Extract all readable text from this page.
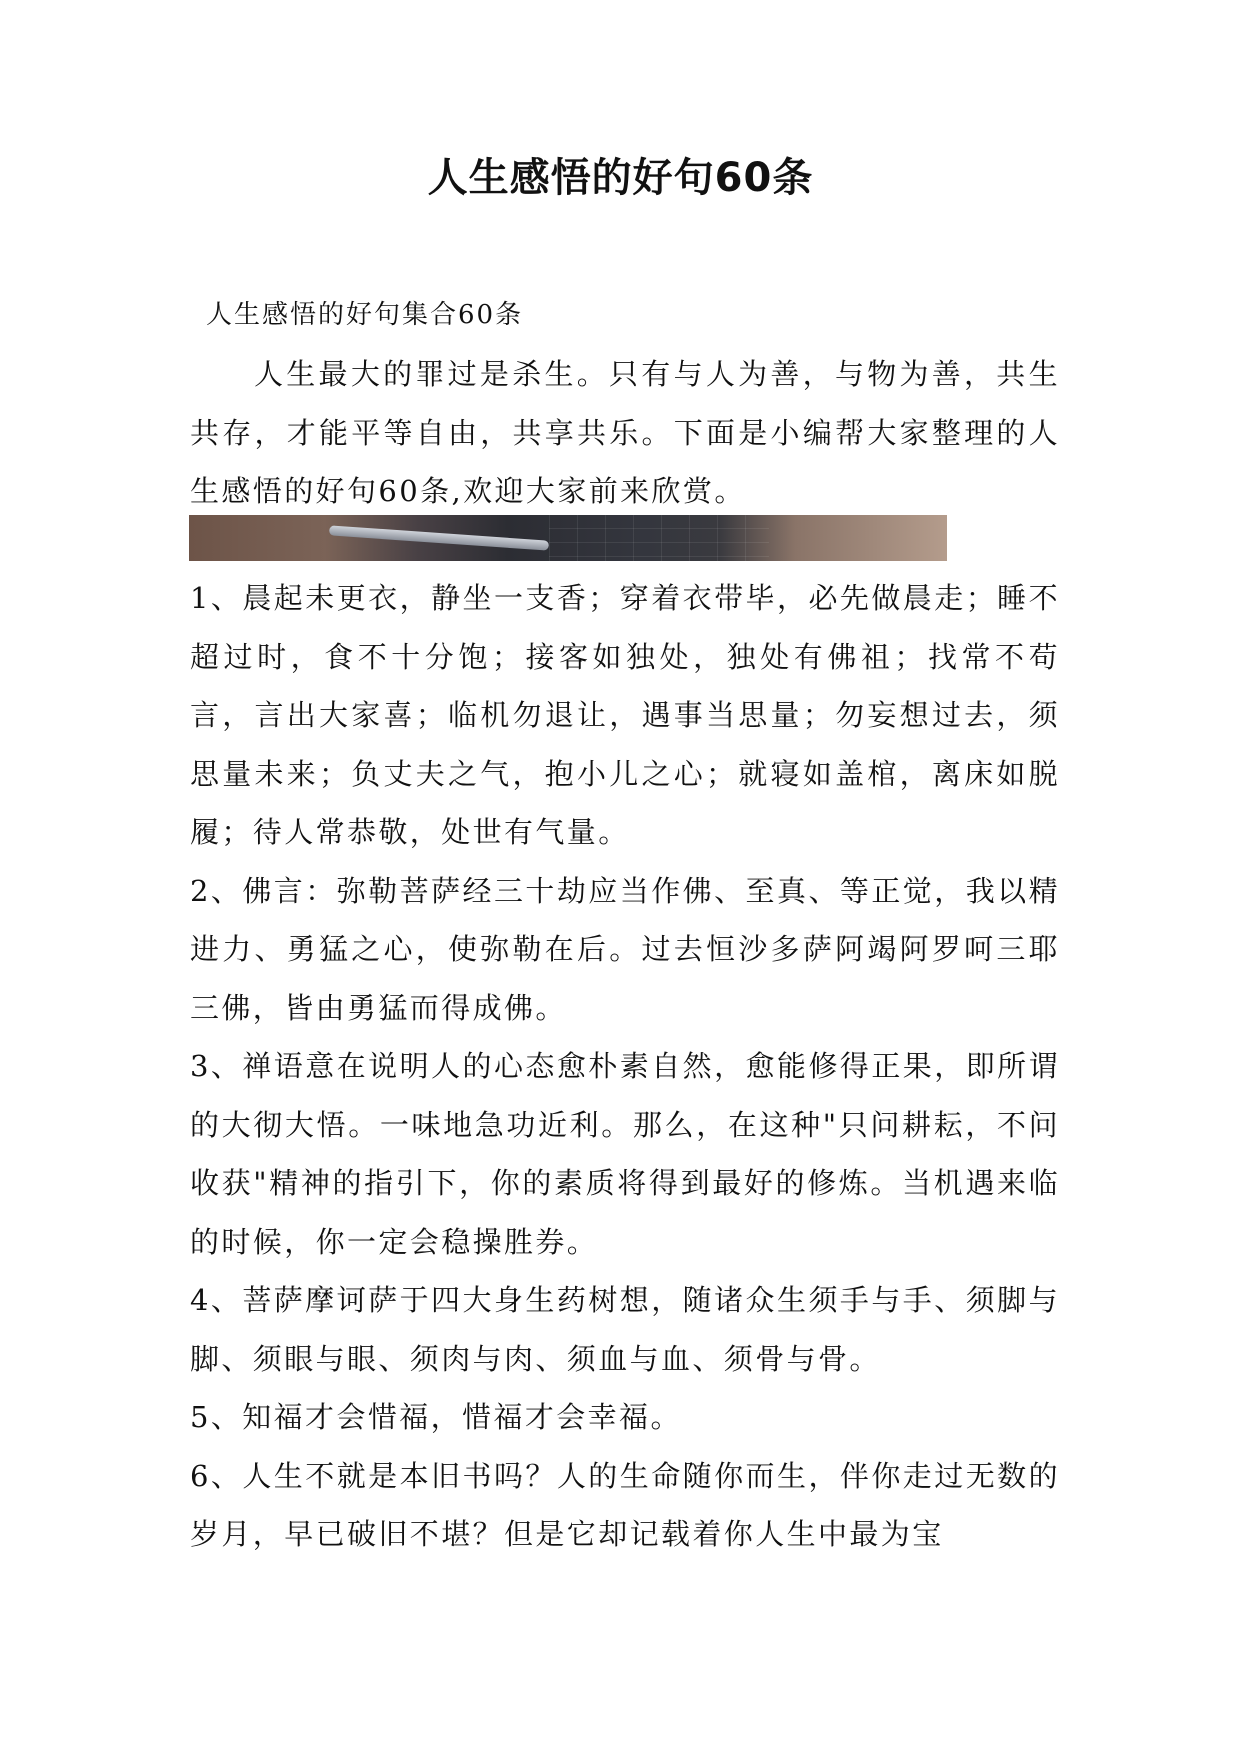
人生感悟的好句60条
人生感悟的好句集合60条
人生最大的罪过是杀生。只有与人为善，与物为善，共生共存，才能平等自由，共享共乐。下面是小编帮大家整理的人生感悟的好句60条,欢迎大家前来欣赏。

1、晨起未更衣，静坐一支香；穿着衣带毕，必先做晨走；睡不超过时，食不十分饱；接客如独处，独处有佛祖；找常不苟言，言出大家喜；临机勿退让，遇事当思量；勿妄想过去，须思量未来；负丈夫之气，抱小儿之心；就寝如盖棺，离床如脱履；待人常恭敬，处世有气量。

2、佛言：弥勒菩萨经三十劫应当作佛、至真、等正觉，我以精进力、勇猛之心，使弥勒在后。过去恒沙多萨阿竭阿罗呵三耶三佛，皆由勇猛而得成佛。

3、禅语意在说明人的心态愈朴素自然，愈能修得正果，即所谓的大彻大悟。一味地急功近利。那么，在这种"只问耕耘，不问收获"精神的指引下，你的素质将得到最好的修炼。当机遇来临的时候，你一定会稳操胜券。

4、菩萨摩诃萨于四大身生药树想，随诸众生须手与手、须脚与脚、须眼与眼、须肉与肉、须血与血、须骨与骨。

5、知福才会惜福，惜福才会幸福。

6、人生不就是本旧书吗？人的生命随你而生，伴你走过无数的岁月，早已破旧不堪？但是它却记载着你人生中最为宝
